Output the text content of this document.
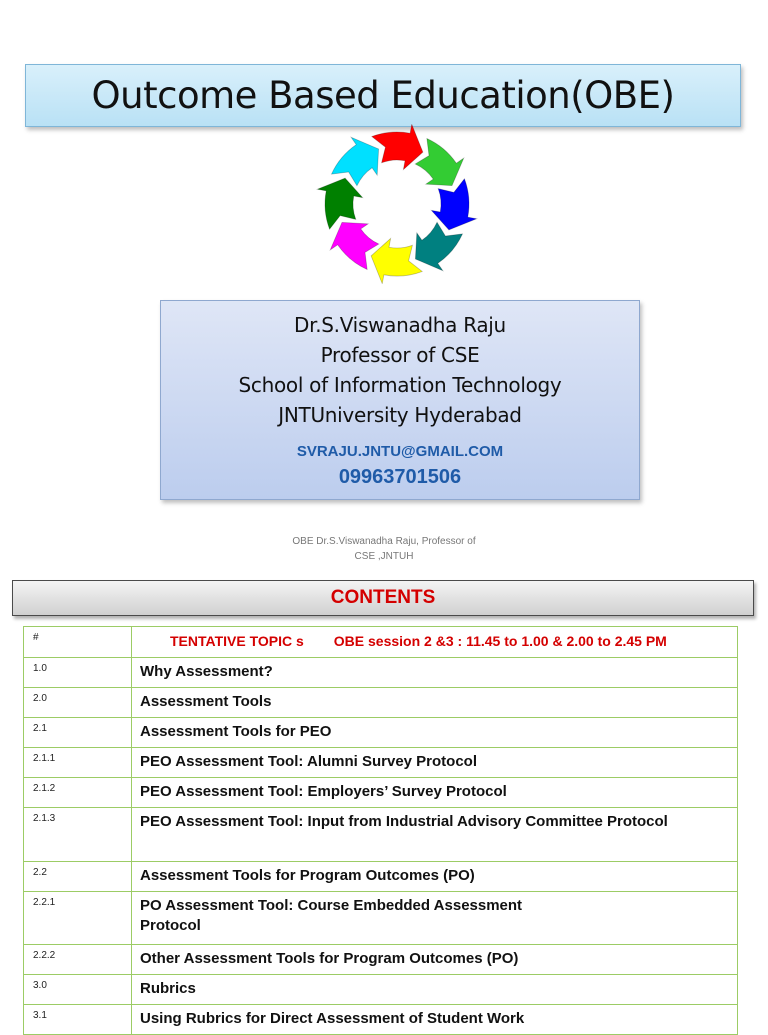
Outcome Based Education(OBE)
Dr.S.Viswanadha Raju
Professor of CSE
School of Information Technology
JNTUniversity Hyderabad
SVRAJU.JNTU@GMAIL.COM
09963701506
OBE Dr.S.Viswanadha Raju, Professor of
CSE ,JNTUH
CONTENTS
#	TENTATIVE TOPIC s OBE session 2 &3 : 11.45 to 1.00 & 2.00 to 2.45 PM
1.0	Why Assessment?
2.0	Assessment Tools
2.1	Assessment Tools for PEO
2.1.1	PEO Assessment Tool: Alumni Survey Protocol
2.1.2	PEO Assessment Tool: Employers’ Survey Protocol
2.1.3	PEO Assessment Tool: Input from Industrial Advisory Committee Protocol
2.2	Assessment Tools for Program Outcomes (PO)
2.2.1	PO Assessment Tool: Course Embedded Assessment
Protocol
2.2.2	Other Assessment Tools for Program Outcomes (PO)
3.0	Rubrics
3.1	Using Rubrics for Direct Assessment of Student Work
